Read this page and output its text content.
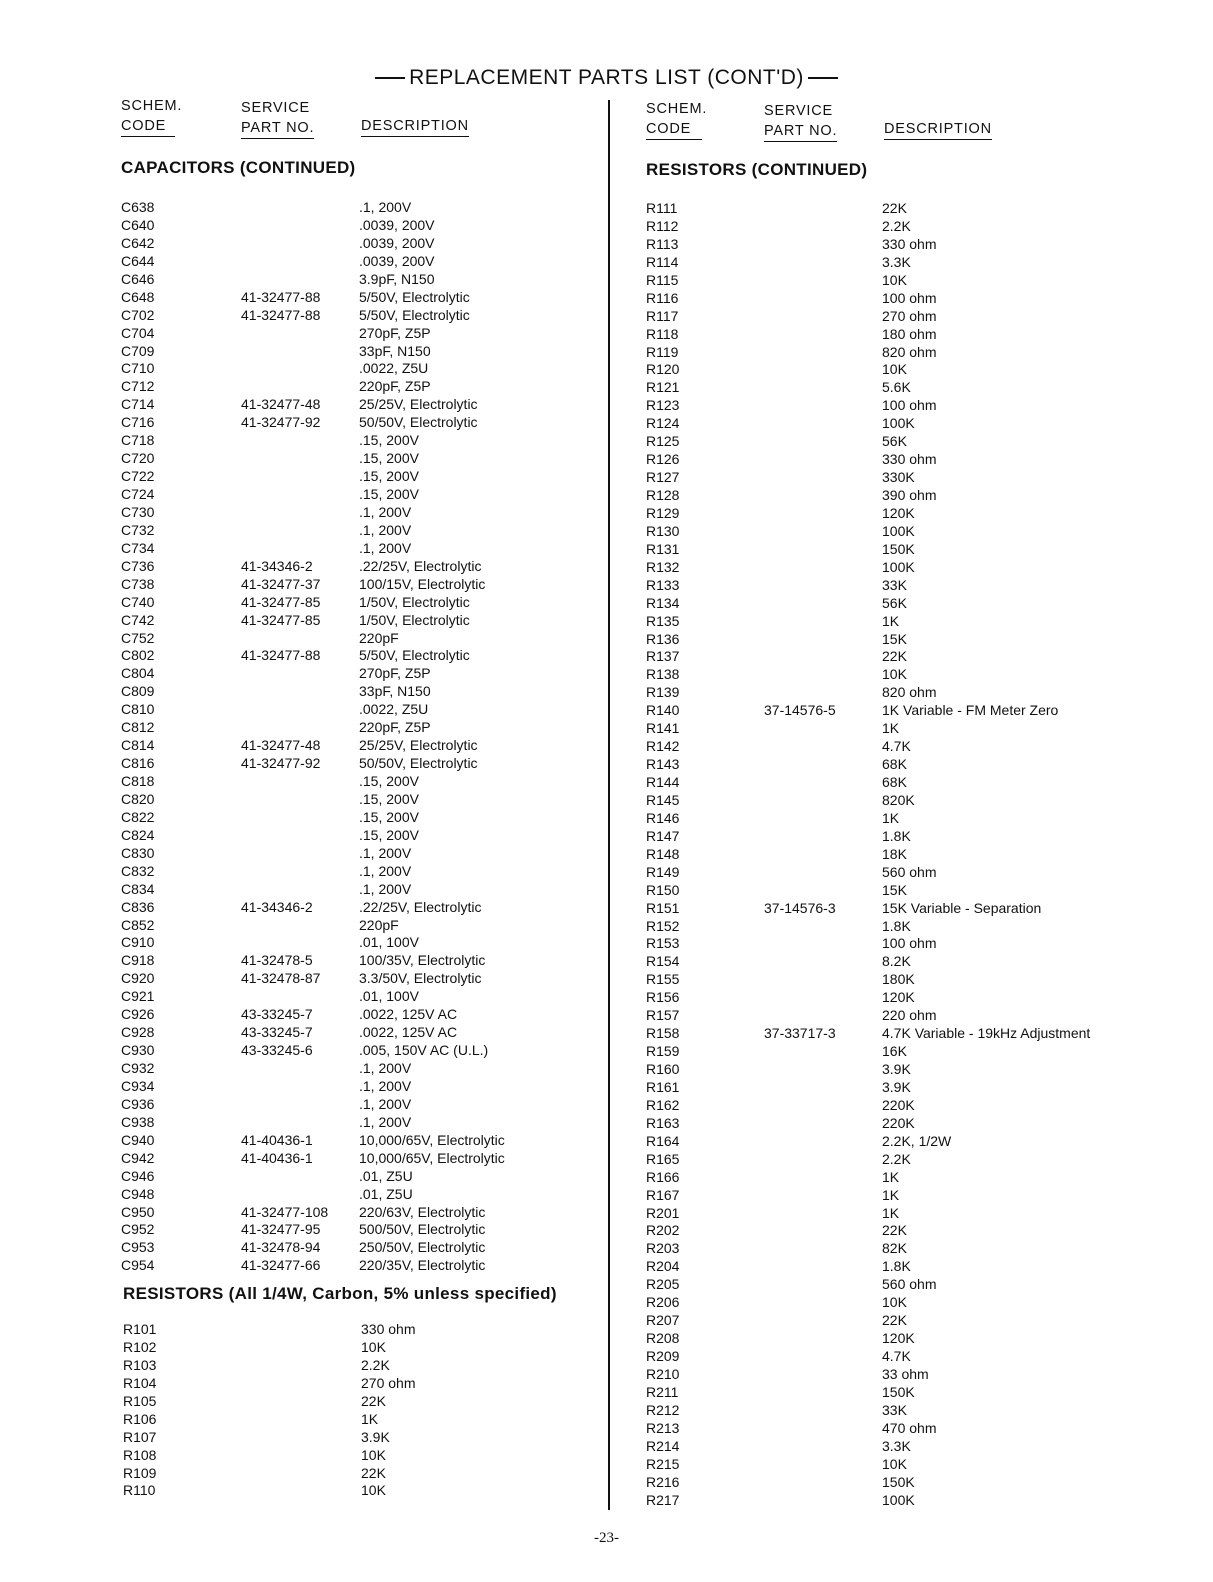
REPLACEMENT PARTS LIST (CONT'D)
SCHEM.
CODE
SERVICE
PART NO.	DESCRIPTION
SCHEM.
CODE
SERVICE
PART NO.	DESCRIPTION
CAPACITORS (CONTINUED)	RESISTORS (CONTINUED)
RESISTORS (All 1/4W, Carbon, 5% unless specified)
C638	.1, 200V
C640	.0039, 200V
C642	.0039, 200V
C644	.0039, 200V
C646	3.9pF, N150
C648	41-32477-88	5/50V, Electrolytic
C702	41-32477-88	5/50V, Electrolytic
C704	270pF, Z5P
C709	33pF, N150
C710	.0022, Z5U
C712	220pF, Z5P
C714	41-32477-48	25/25V, Electrolytic
C716	41-32477-92	50/50V, Electrolytic
C718	.15, 200V
C720	.15, 200V
C722	.15, 200V
C724	.15, 200V
C730	.1, 200V
C732	.1, 200V
C734	.1, 200V
C736	41-34346-2	.22/25V, Electrolytic
C738	41-32477-37	100/15V, Electrolytic
C740	41-32477-85	1/50V, Electrolytic
C742	41-32477-85	1/50V, Electrolytic
C752	220pF
C802	41-32477-88	5/50V, Electrolytic
C804	270pF, Z5P
C809	33pF, N150
C810	.0022, Z5U
C812	220pF, Z5P
C814	41-32477-48	25/25V, Electrolytic
C816	41-32477-92	50/50V, Electrolytic
C818	.15, 200V
C820	.15, 200V
C822	.15, 200V
C824	.15, 200V
C830	.1, 200V
C832	.1, 200V
C834	.1, 200V
C836	41-34346-2	.22/25V, Electrolytic
C852	220pF
C910	.01, 100V
C918	41-32478-5	100/35V, Electrolytic
C920	41-32478-87	3.3/50V, Electrolytic
C921	.01, 100V
C926	43-33245-7	.0022, 125V AC
C928	43-33245-7	.0022, 125V AC
C930	43-33245-6	.005, 150V AC (U.L.)
C932	.1, 200V
C934	.1, 200V
C936	.1, 200V
C938	.1, 200V
C940	41-40436-1	10,000/65V, Electrolytic
C942	41-40436-1	10,000/65V, Electrolytic
C946	.01, Z5U
C948	.01, Z5U
C950	41-32477-108 220/63V, Electrolytic
C952	41-32477-95	500/50V, Electrolytic
C953	41-32478-94	250/50V, Electrolytic
C954	41-32477-66	220/35V, Electrolytic
R101	330 ohm
R102	10K
R103	2.2K
R104	270 ohm
R105	22K
R106	1K
R107	3.9K
R108	10K
R109	22K
R110	10K
R111	22K
R112	2.2K
R113	330 ohm
R114	3.3K
R115	10K
R116	100 ohm
R117	270 ohm
R118	180 ohm
R119	820 ohm
R120	10K
R121	5.6K
R123	100 ohm
R124	100K
R125	56K
R126	330 ohm
R127	330K
R128	390 ohm
R129	120K
R130	100K
R131	150K
R132	100K
R133	33K
R134	56K
R135	1K
R136	15K
R137	22K
R138	10K
R139	820 ohm
R140	37-14576-5	1K Variable - FM Meter Zero
R141	1K
R142	4.7K
R143	68K
R144	68K
R145	820K
R146	1K
R147	1.8K
R148	18K
R149	560 ohm
R150	15K
R151	37-14576-3	15K Variable - Separation
R152	1.8K
R153	100 ohm
R154	8.2K
R155	180K
R156	120K
R157	220 ohm
R158	37-33717-3	4.7K Variable - 19kHz Adjustment
R159	16K
R160	3.9K
R161	3.9K
R162	220K
R163	220K
R164	2.2K, 1/2W
R165	2.2K
R166	1K
R167	1K
R201	1K
R202	22K
R203	82K
R204	1.8K
R205	560 ohm
R206	10K
R207	22K
R208	120K
R209	4.7K
R210	33 ohm
R211	150K
R212	33K
R213	470 ohm
R214	3.3K
R215	10K
R216	150K
R217	100K
-23-
